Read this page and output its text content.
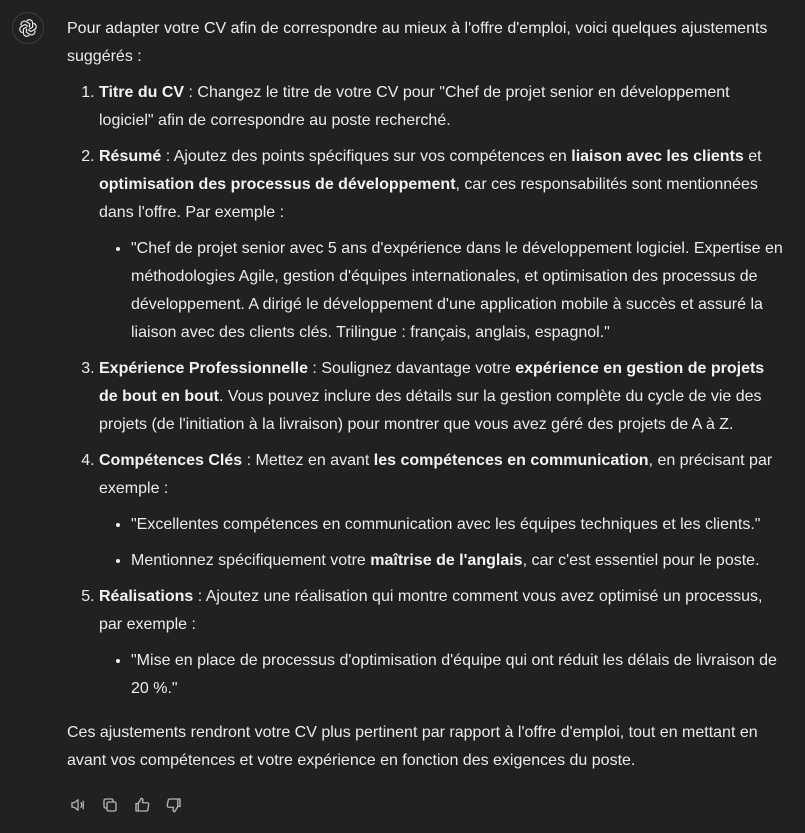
Pour adapter votre CV afin de correspondre au mieux à l'offre d'emploi, voici quelques ajustements suggérés :

1. Titre du CV : Changez le titre de votre CV pour "Chef de projet senior en développement logiciel" afin de correspondre au poste recherché.
2. Résumé : Ajoutez des points spécifiques sur vos compétences en liaison avec les clients et optimisation des processus de développement, car ces responsabilités sont mentionnées dans l'offre. Par exemple :
• "Chef de projet senior avec 5 ans d'expérience dans le développement logiciel. Expertise en méthodologies Agile, gestion d'équipes internationales, et optimisation des processus de développement. A dirigé le développement d'une application mobile à succès et assuré la liaison avec des clients clés. Trilingue : français, anglais, espagnol."
3. Expérience Professionnelle : Soulignez davantage votre expérience en gestion de projets de bout en bout. Vous pouvez inclure des détails sur la gestion complète du cycle de vie des projets (de l'initiation à la livraison) pour montrer que vous avez géré des projets de A à Z.
4. Compétences Clés : Mettez en avant les compétences en communication, en précisant par exemple :
• "Excellentes compétences en communication avec les équipes techniques et les clients."
• Mentionnez spécifiquement votre maîtrise de l'anglais, car c'est essentiel pour le poste.
5. Réalisations : Ajoutez une réalisation qui montre comment vous avez optimisé un processus, par exemple :
• "Mise en place de processus d'optimisation d'équipe qui ont réduit les délais de livraison de 20 %."

Ces ajustements rendront votre CV plus pertinent par rapport à l'offre d'emploi, tout en mettant en avant vos compétences et votre expérience en fonction des exigences du poste.
